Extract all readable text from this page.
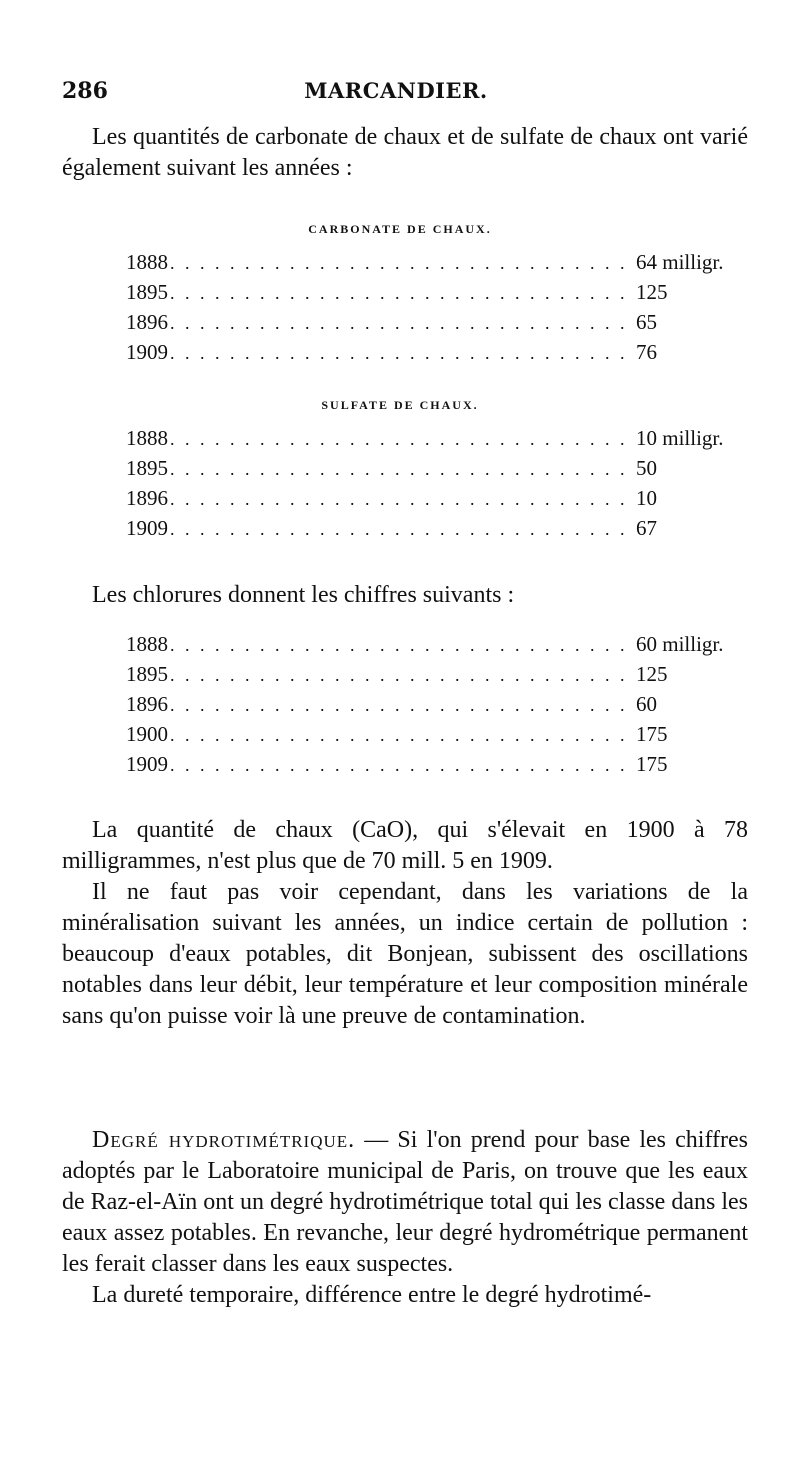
286	MARCANDIER.

Les quantités de carbonate de chaux et de sulfate de chaux ont varié également suivant les années :

CARBONATE DE CHAUX.
1888 . . .	64 milligr.
1895 . . .	125
1896 . . .	65
1909 . . .	76
SULFATE DE CHAUX.
1888 . . .	10 milligr.
1895 . . .	50
1896 . . .	10
1909 . . .	67

Les chlorures donnent les chiffres suivants :

1888 . . .	60 milligr.
1895 . . .	125
1896 . . .	60
1900 . . .	175
1909 . . .	175

La quantité de chaux (CaO), qui s'élevait en 1900 à 78 milligrammes, n'est plus que de 70 mill. 5 en 1909.

Il ne faut pas voir cependant, dans les variations de la minéralisation suivant les années, un indice certain de pollution : beaucoup d'eaux potables, dit Bonjean, subissent des oscillations notables dans leur débit, leur température et leur composition minérale sans qu'on puisse voir là une preuve de contamination.

Degré hydrotimétrique. — Si l'on prend pour base les chiffres adoptés par le Laboratoire municipal de Paris, on trouve que les eaux de Raz-el-Aïn ont un degré hydrotimétrique total qui les classe dans les eaux assez potables. En revanche, leur degré hydrométrique permanent les ferait classer dans les eaux suspectes.

La dureté temporaire, différence entre le degré hydrotimé-
